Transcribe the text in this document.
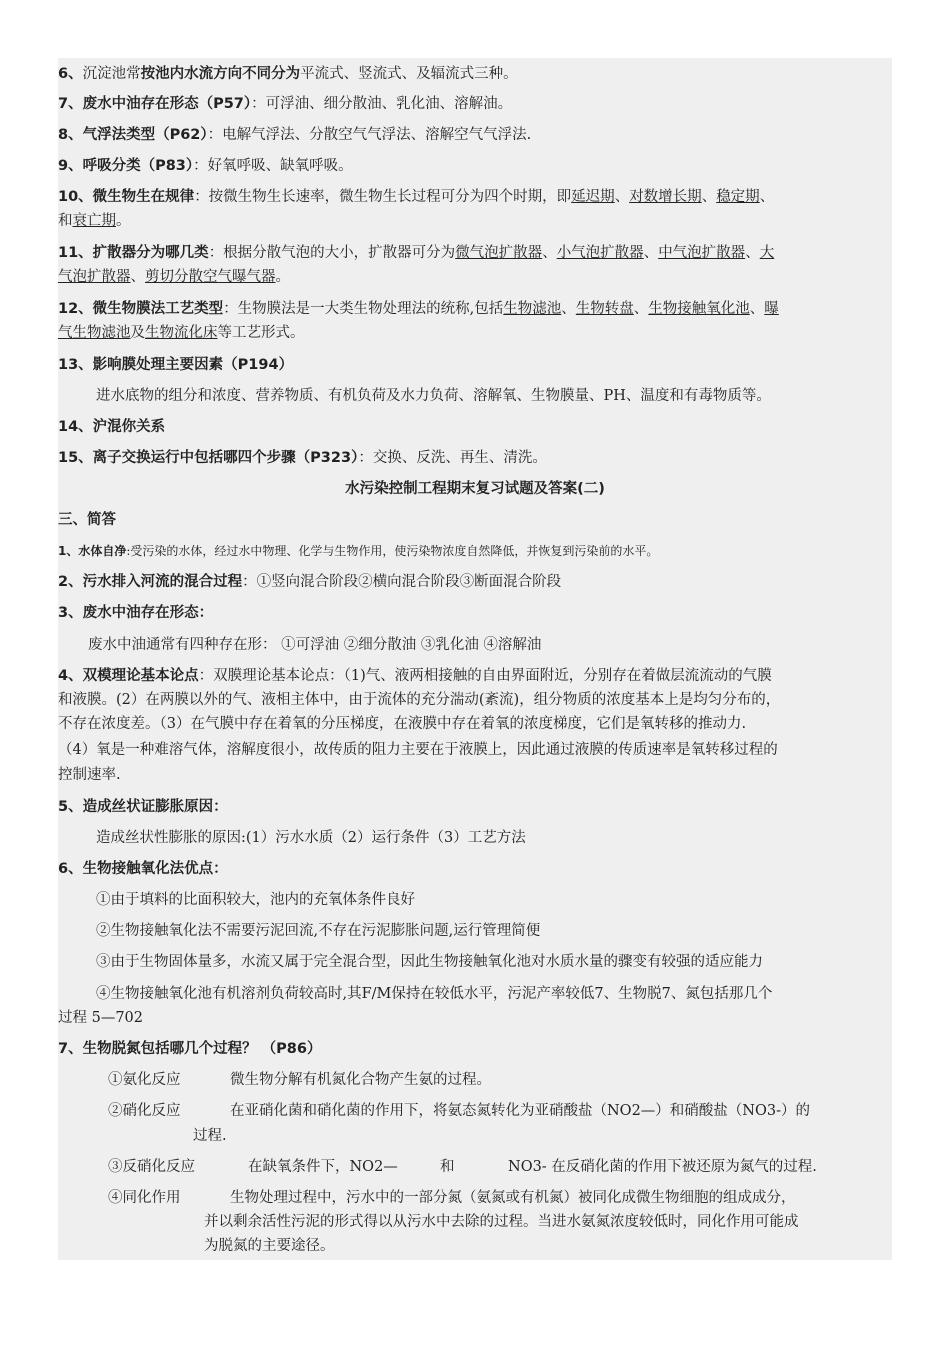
6、沉淀池常按池内水流方向不同分为平流式、竖流式、及辐流式三种。
7、废水中油存在形态（P57）：可浮油、细分散油、乳化油、溶解油。
8、气浮法类型（P62）：电解气浮法、分散空气气浮法、溶解空气气浮法.
9、呼吸分类（P83）：好氧呼吸、缺氧呼吸。
10、微生物生在规律：按微生物生长速率，微生物生长过程可分为四个时期，即延迟期、对数增长期、稳定期、
和衰亡期。
11、扩散器分为哪几类：根据分散气泡的大小，扩散器可分为微气泡扩散器、小气泡扩散器、中气泡扩散器、大
气泡扩散器、剪切分散空气曝气器。
12、微生物膜法工艺类型：生物膜法是一大类生物处理法的统称,包括生物滤池、生物转盘、生物接触氧化池、曝
气生物滤池及生物流化床等工艺形式。
13、影响膜处理主要因素（P194）
进水底物的组分和浓度、营养物质、有机负荷及水力负荷、溶解氧、生物膜量、PH、温度和有毒物质等。
14、沪混你关系
15、离子交换运行中包括哪四个步骤（P323）：交换、反洗、再生、清洗。
水污染控制工程期末复习试题及答案(二)
三、简答
1、水体自净:受污染的水体，经过水中物理、化学与生物作用，使污染物浓度自然降低，并恢复到污染前的水平。
2、污水排入河流的混合过程：①竖向混合阶段②横向混合阶段③断面混合阶段
3、废水中油存在形态：
废水中油通常有四种存在形： ①可浮油 ②细分散油 ③乳化油 ④溶解油
4、双模理论基本论点：双膜理论基本论点：（1)气、液两相接触的自由界面附近，分别存在着做层流流动的气膜
和液膜。(2）在两膜以外的气、液相主体中，由于流体的充分湍动(紊流)，组分物质的浓度基本上是均匀分布的，
不存在浓度差。（3）在气膜中存在着氧的分压梯度，在液膜中存在着氧的浓度梯度，它们是氧转移的推动力.
（4）氧是一种难溶气体，溶解度很小，故传质的阻力主要在于液膜上，因此通过液膜的传质速率是氧转移过程的
控制速率.
5、造成丝状证膨胀原因：
造成丝状性膨胀的原因:(1）污水水质（2）运行条件（3）工艺方法
6、生物接触氧化法优点：
①由于填料的比面积较大，池内的充氧体条件良好
②生物接触氧化法不需要污泥回流,不存在污泥膨胀问题,运行管理简便
③由于生物固体量多，水流又属于完全混合型，因此生物接触氧化池对水质水量的骤变有较强的适应能力
④生物接触氧化池有机溶剂负荷较高时,其F/M保持在较低水平，污泥产率较低7、生物脱7、氮包括那几个
过程 5—702
7、生物脱氮包括哪几个过程？ （P86）
①氨化反应	微生物分解有机氮化合物产生氨的过程。
②硝化反应	在亚硝化菌和硝化菌的作用下，将氨态氮转化为亚硝酸盐（NO2—）和硝酸盐（NO3-）的
过程.
③反硝化反应	在缺氧条件下，NO2—	和	NO3- 在反硝化菌的作用下被还原为氮气的过程.
④同化作用	生物处理过程中，污水中的一部分氮（氨氮或有机氮）被同化成微生物细胞的组成成分，
并以剩余活性污泥的形式得以从污水中去除的过程。当进水氨氮浓度较低时，同化作用可能成
为脱氮的主要途径。
